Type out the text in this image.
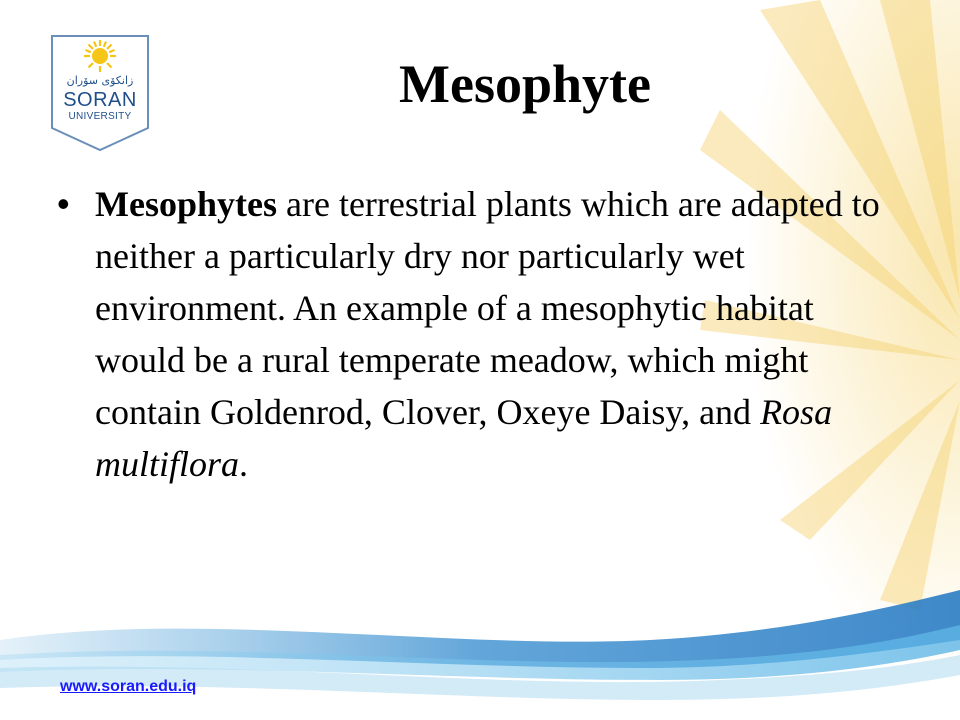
زانكۆی سۆران
SORAN
UNIVERSITY
Mesophyte
• Mesophytes are terrestrial plants which are adapted to neither a particularly dry nor particularly wet environment. An example of a mesophytic habitat would be a rural temperate meadow, which might contain Goldenrod, Clover, Oxeye Daisy, and Rosa multiflora.
www.soran.edu.iq
